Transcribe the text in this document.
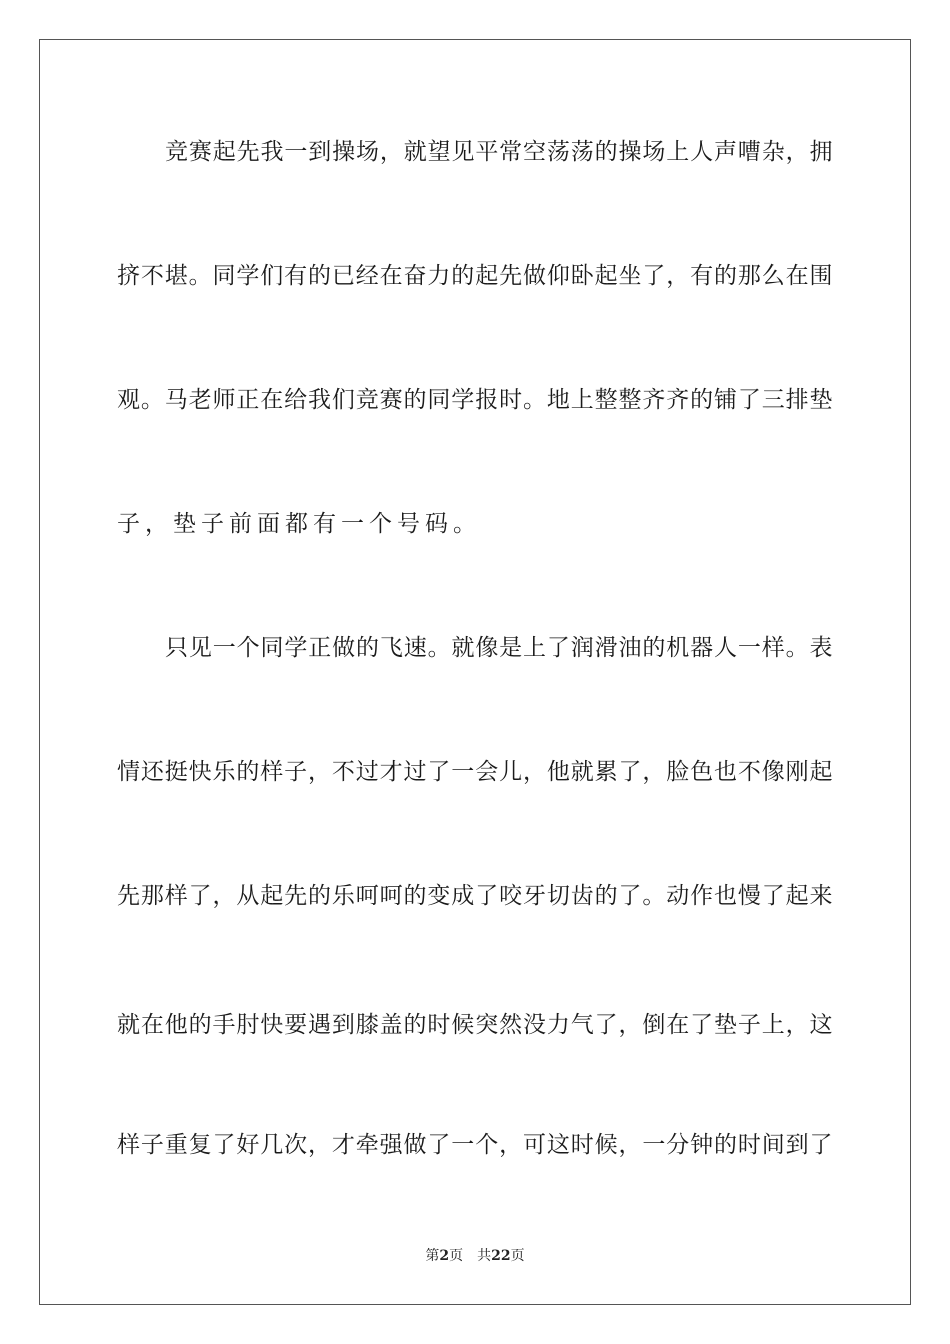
竞赛起先我一到操场，就望见平常空荡荡的操场上人声嘈杂，拥
挤不堪。同学们有的已经在奋力的起先做仰卧起坐了，有的那么在围
观。马老师正在给我们竞赛的同学报时。地上整整齐齐的铺了三排垫
子，垫子前面都有一个号码。
只见一个同学正做的飞速。就像是上了润滑油的机器人一样。表
情还挺快乐的样子，不过才过了一会儿，他就累了，脸色也不像刚起
先那样了，从起先的乐呵呵的变成了咬牙切齿的了。动作也慢了起来
就在他的手肘快要遇到膝盖的时候突然没力气了，倒在了垫子上，这
样子重复了好几次，才牵强做了一个，可这时候，一分钟的时间到了
第2页 共22页
